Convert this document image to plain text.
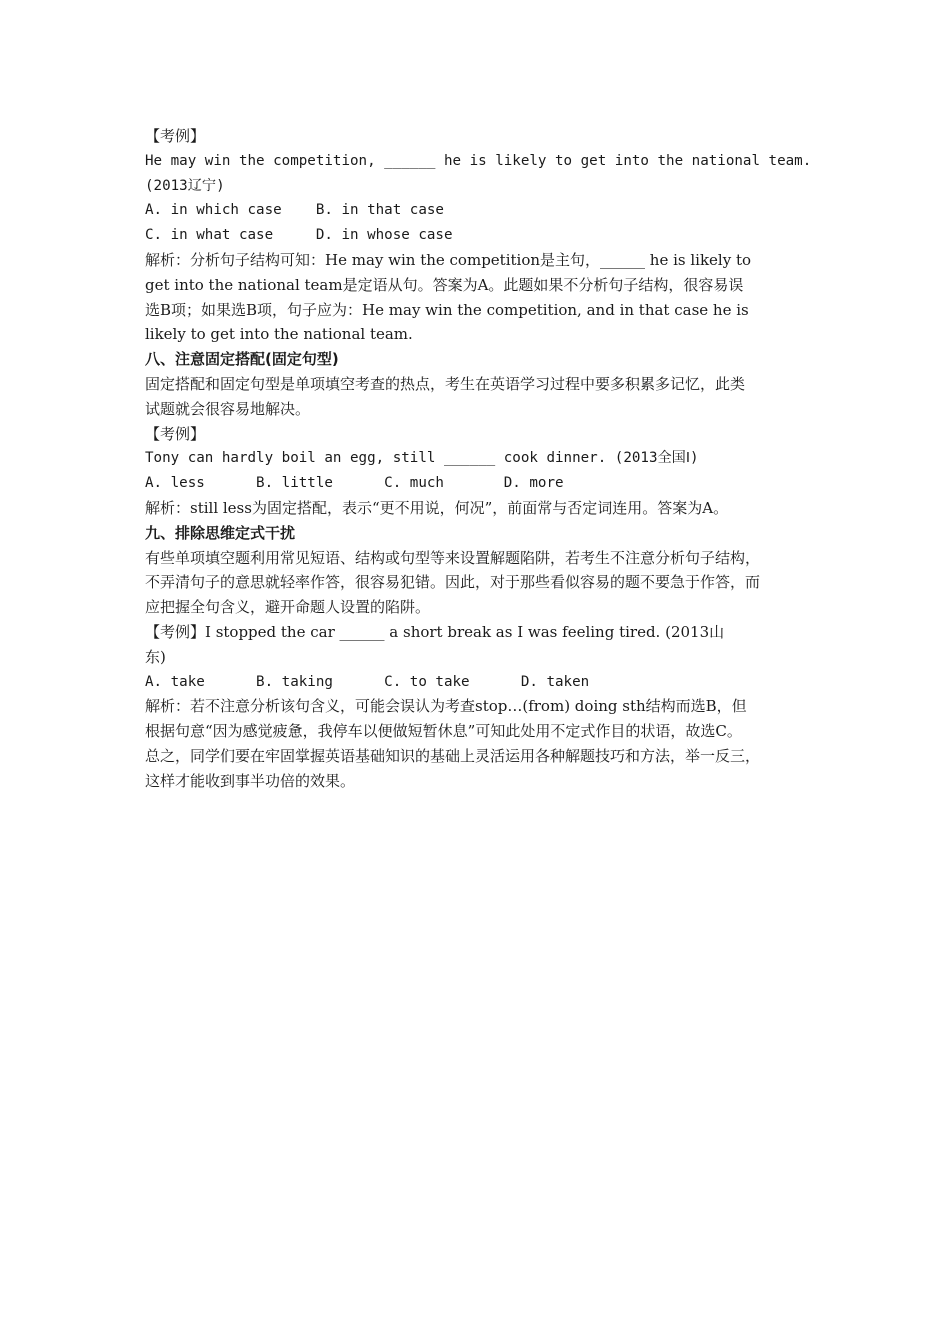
【考例】
He may win the competition, ______ he is likely to get into the national team.
(2013辽宁)
A. in which case    B. in that case
C. in what case     D. in whose case
解析：分析句子结构可知：He may win the competition是主句，______ he is likely to
get into the national team是定语从句。答案为A。此题如果不分析句子结构，很容易误
选B项；如果选B项，句子应为：He may win the competition, and in that case he is
likely to get into the national team.
八、注意固定搭配(固定句型)
固定搭配和固定句型是单项填空考查的热点，考生在英语学习过程中要多积累多记忆，此类
试题就会很容易地解决。
【考例】
Tony can hardly boil an egg, still ______ cook dinner. (2013全国Ⅰ)
A. less      B. little      C. much       D. more
解析：still less为固定搭配，表示“更不用说，何况”，前面常与否定词连用。答案为A。
九、排除思维定式干扰
有些单项填空题利用常见短语、结构或句型等来设置解题陷阱，若考生不注意分析句子结构，
不弄清句子的意思就轻率作答，很容易犯错。因此，对于那些看似容易的题不要急于作答，而
应把握全句含义，避开命题人设置的陷阱。
【考例】I stopped the car ______ a short break as I was feeling tired. (2013山
东)
A. take      B. taking      C. to take      D. taken
解析：若不注意分析该句含义，可能会误认为考查stop…(from) doing sth结构而选B，但
根据句意“因为感觉疲惫，我停车以便做短暂休息”可知此处用不定式作目的状语，故选C。
总之，同学们要在牢固掌握英语基础知识的基础上灵活运用各种解题技巧和方法，举一反三，
这样才能收到事半功倍的效果。
